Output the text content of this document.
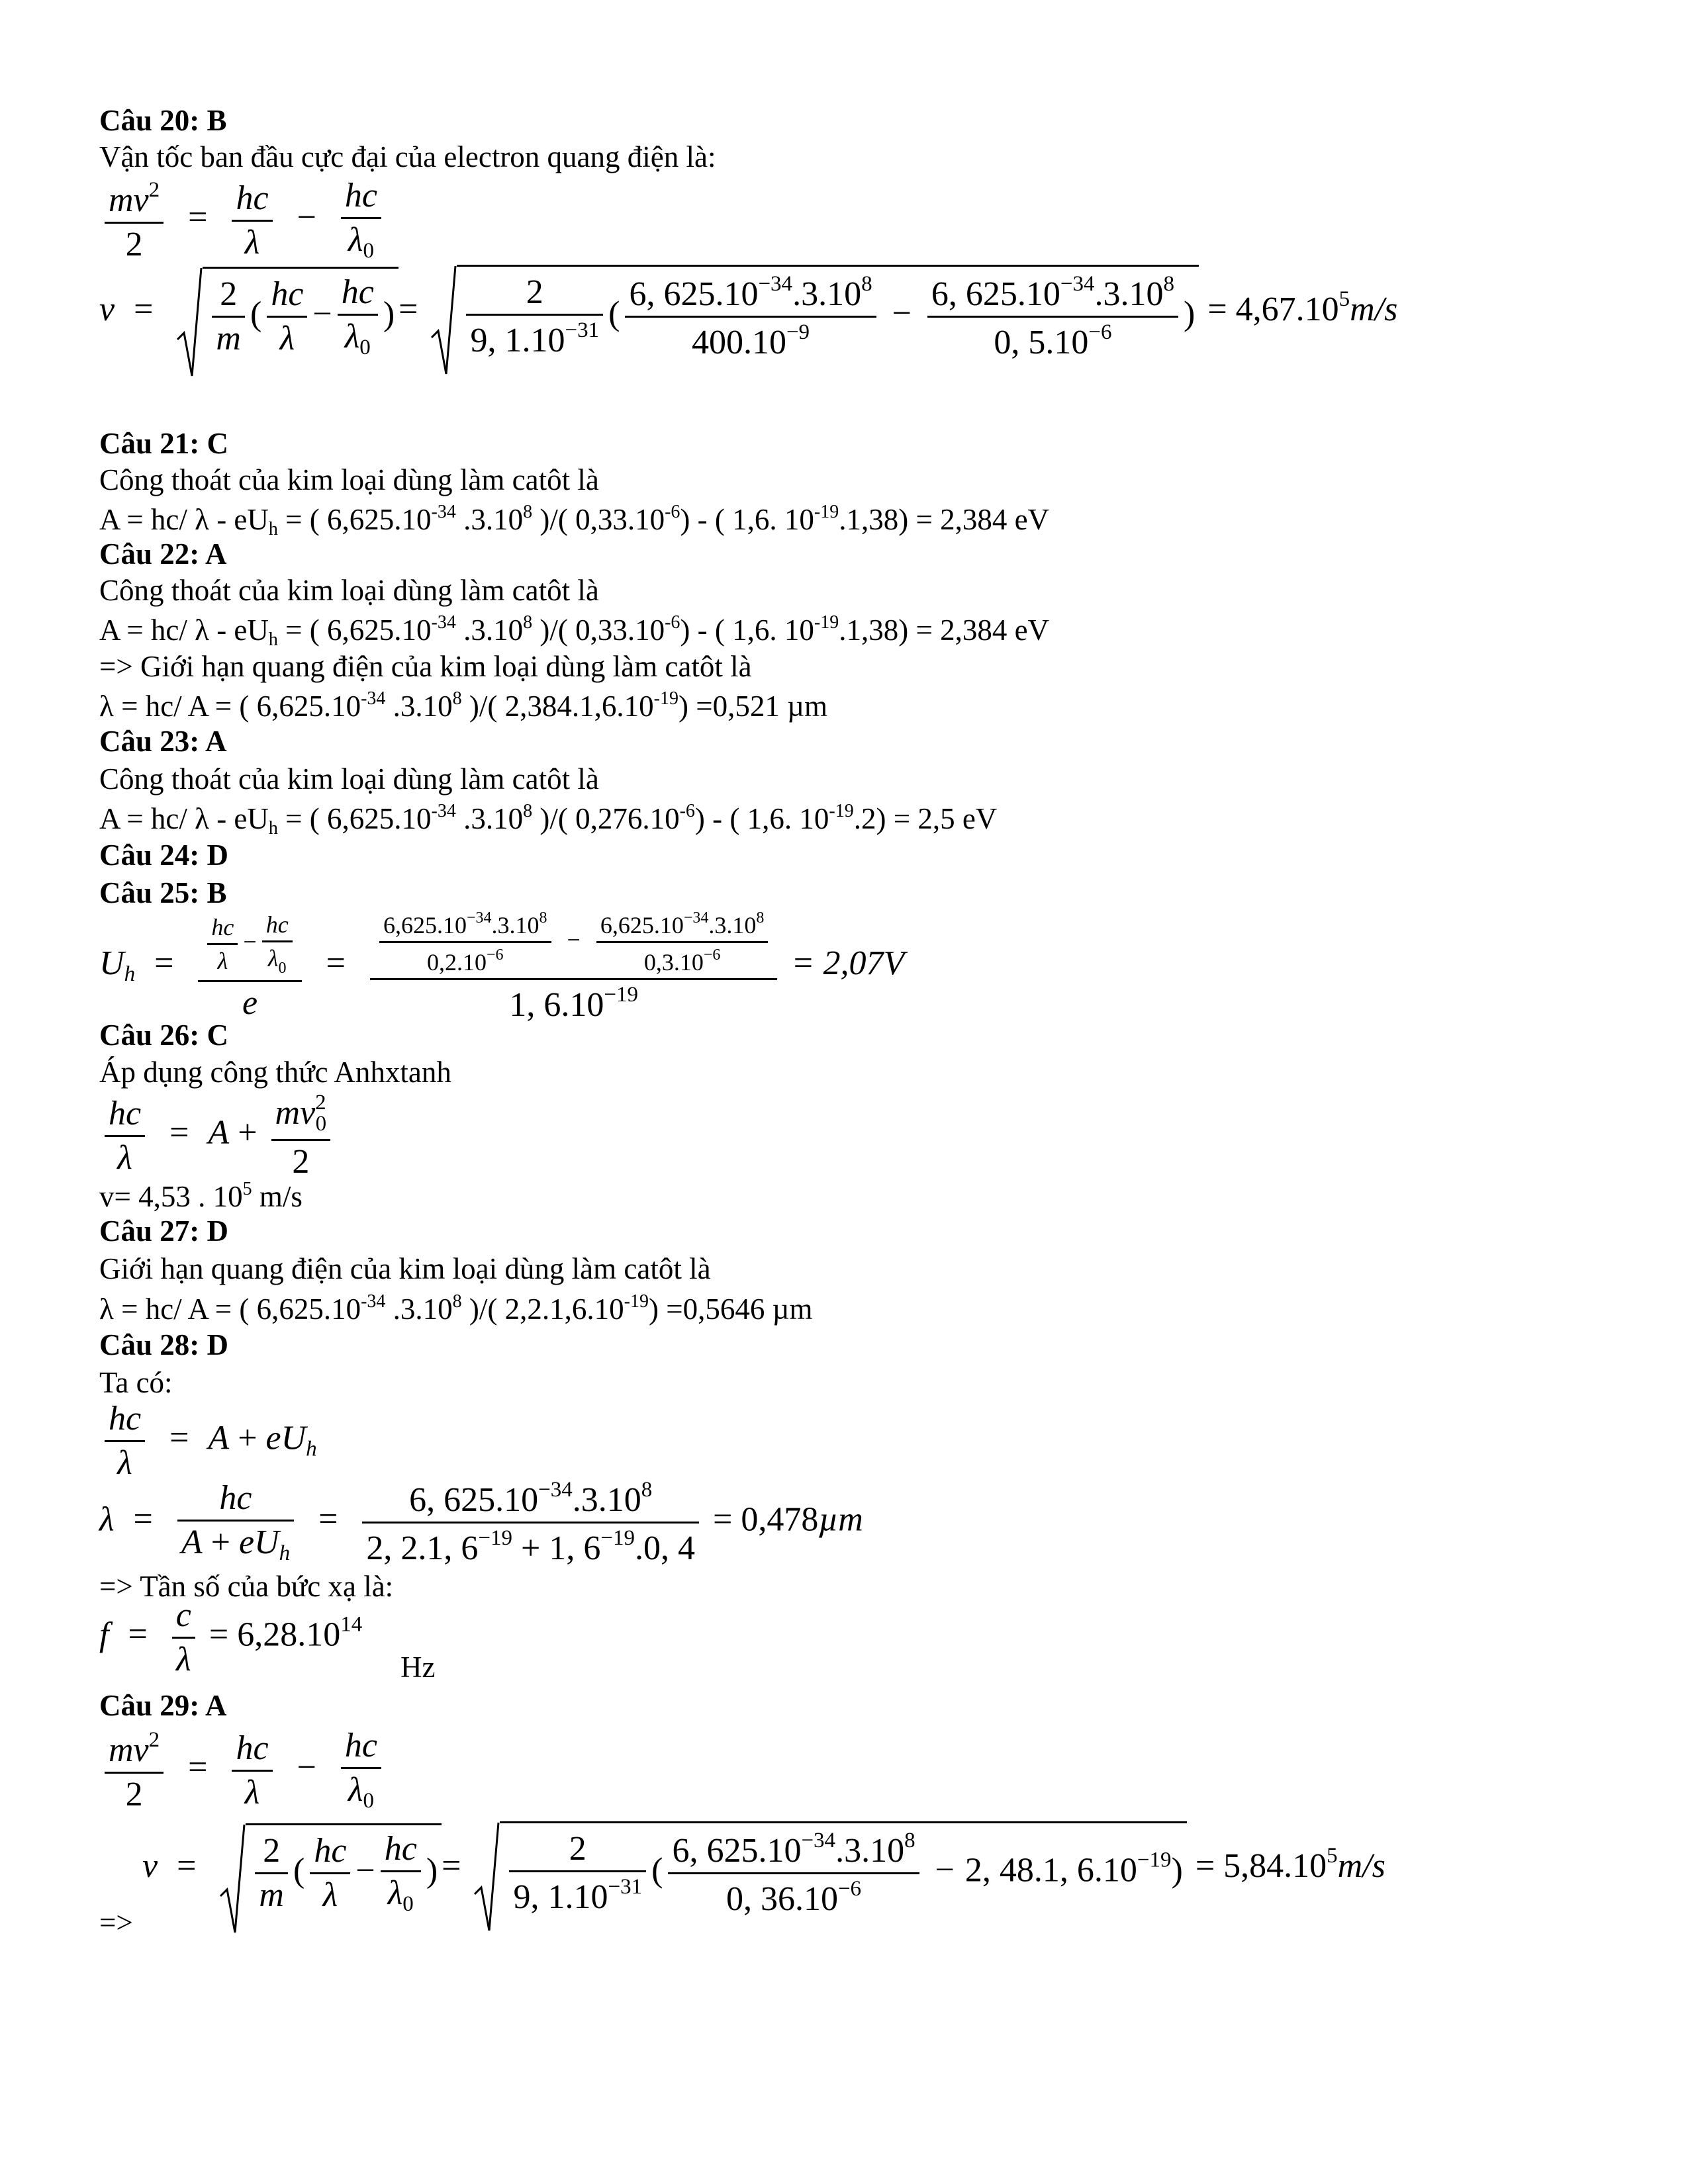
Câu 20: B
Vận tốc ban đầu cực đại của electron quang điện là:
$\frac{mv^2}{2} = \frac{hc}{\lambda} - \frac{hc}{\lambda_0}$
$v = \frac{2}{m}$ ( $\frac{hc}{\lambda} - \frac{hc}{\lambda_0}$ ) = $\frac{2}{9, 1.10^{-31}}$ ( $\frac{6, 625.10^{-34}.3.10^8}{400.10^{-9}} - \frac{6, 625.10^{-34}.3.10^8}{0, 5.10^{-6}}$ ) = $4,67.10^5m/s$
Câu 21: C
Công thoát của kim loại dùng làm catôt là
A = hc/ λ - $eU_h$ = ( $6,625.10^{-34}$ .3.10$^8$ )/( $0,33.10^{-6}$) - ( 1,6. $10^{-19}.1,38) = 2,384$ eV
Câu 22: A
Công thoát của kim loại dùng làm catôt là
A = hc/ λ - $eU_h$ = ( $6,625.10^{-34}$ .3.10$^8$ )/( $0,33.10^{-6}$) - ( 1,6. $10^{-19}.1,38) = 2,384$ eV
=> Giới hạn quang điện của kim loại dùng làm catôt là
λ = hc/ A = ( $6,625.10^{-34}$ .3.10$^8$ )/( $2,384.1,6.10^{-19}) =0,521$ µm
Câu 23: A
Công thoát của kim loại dùng làm catôt là
A = hc/ λ - $eU_h$ = ( $6,625.10^{-34}$ .3.10$^8$ )/( $0,276.10^{-6}$) - ( 1,6. $10^{-19}.2) = 2,5$ eV
Câu 24: D
Câu 25: B
$U_h = \frac{hc}{\lambda} - \frac{hc}{\lambda_0}$
e
= $\frac{\frac{6,625.10^{-34}.3.10^8}{0,2.10^{-6}} - \frac{6,625.10^{-34}.3.10^8}{0,3.10^{-6}}}{1, 6.10^{-19}} = 2,07V$
Câu 26: C
Áp dụng công thức Anhxtanh
$\frac{hc}{\lambda} = A + \frac{mv^2_0}{2}$
v= 4,53 . $10^5$ m/s
Câu 27: D
Giới hạn quang điện của kim loại dùng làm catôt là
λ = hc/ A = ( $6,625.10^{-34}$ .3.10$^8$ )/( $2,2.1,6.10^{-19}) =0,5646$ µm
Câu 28: D
Ta có:
$\frac{hc}{\lambda} = A + eU_h$
λ =
hc
$A + eU_h$
= $\frac{6, 625.10^{-34}.3.10^8}{2, 2.1, 6^{-19} + 1, 6^{-19}.0, 4} = 0,478\mu m$
=> Tần số của bức xạ là:
$f = \frac{c}{\lambda} = 6,28.10^{14}$
Hz
Câu 29: A
$\frac{mv^2}{2} = \frac{hc}{\lambda} - \frac{hc}{\lambda_0}$
=>
$v = \frac{2}{m}$ ( $\frac{hc}{\lambda} - \frac{hc}{\lambda_0}$ ) = $\frac{2}{9, 1.10^{-31}}$ ( $\frac{6, 625.10^{-34}.3.10^8}{0, 36.10^{-6}} - 2$, 48.1, $6.10^{-19}) = 5,84.10^5m/s$
